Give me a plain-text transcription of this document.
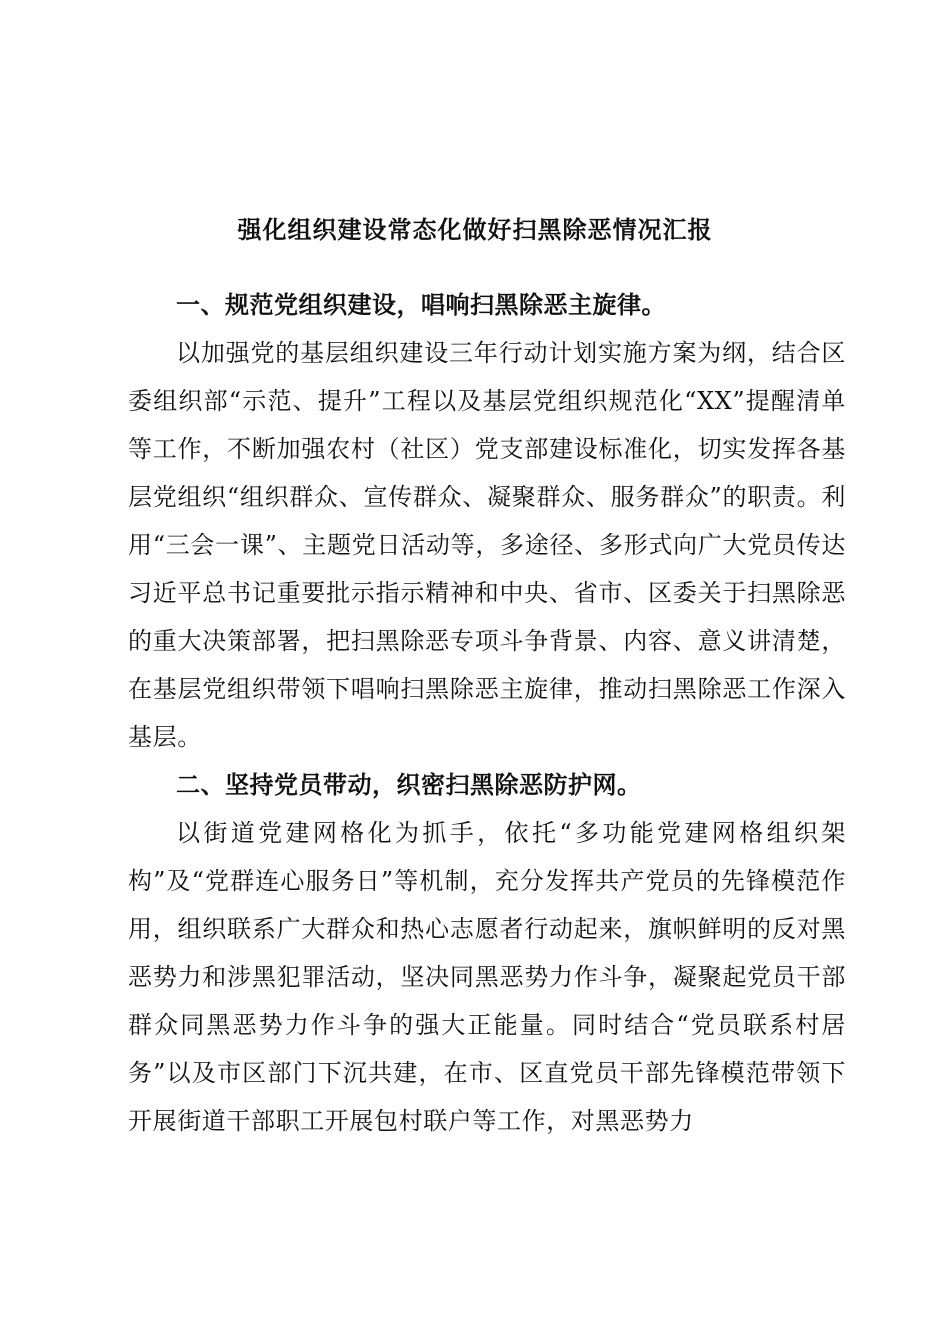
强化组织建设常态化做好扫黑除恶情况汇报

一、规范党组织建设，唱响扫黑除恶主旋律。

以加强党的基层组织建设三年行动计划实施方案为纲，结合区委组织部“示范、提升”工程以及基层党组织规范化“XX”提醒清单等工作，不断加强农村（社区）党支部建设标准化，切实发挥各基层党组织“组织群众、宣传群众、凝聚群众、服务群众”的职责。利用“三会一课”、主题党日活动等，多途径、多形式向广大党员传达习近平总书记重要批示指示精神和中央、省市、区委关于扫黑除恶的重大决策部署，把扫黑除恶专项斗争背景、内容、意义讲清楚，在基层党组织带领下唱响扫黑除恶主旋律，推动扫黑除恶工作深入基层。

二、坚持党员带动，织密扫黑除恶防护网。

以街道党建网格化为抓手，依托“多功能党建网格组织架构”及“党群连心服务日”等机制，充分发挥共产党员的先锋模范作用，组织联系广大群众和热心志愿者行动起来，旗帜鲜明的反对黑恶势力和涉黑犯罪活动，坚决同黑恶势力作斗争，凝聚起党员干部群众同黑恶势力作斗争的强大正能量。同时结合“党员联系村居务”以及市区部门下沉共建，在市、区直党员干部先锋模范带领下开展街道干部职工开展包村联户等工作，对黑恶势力
